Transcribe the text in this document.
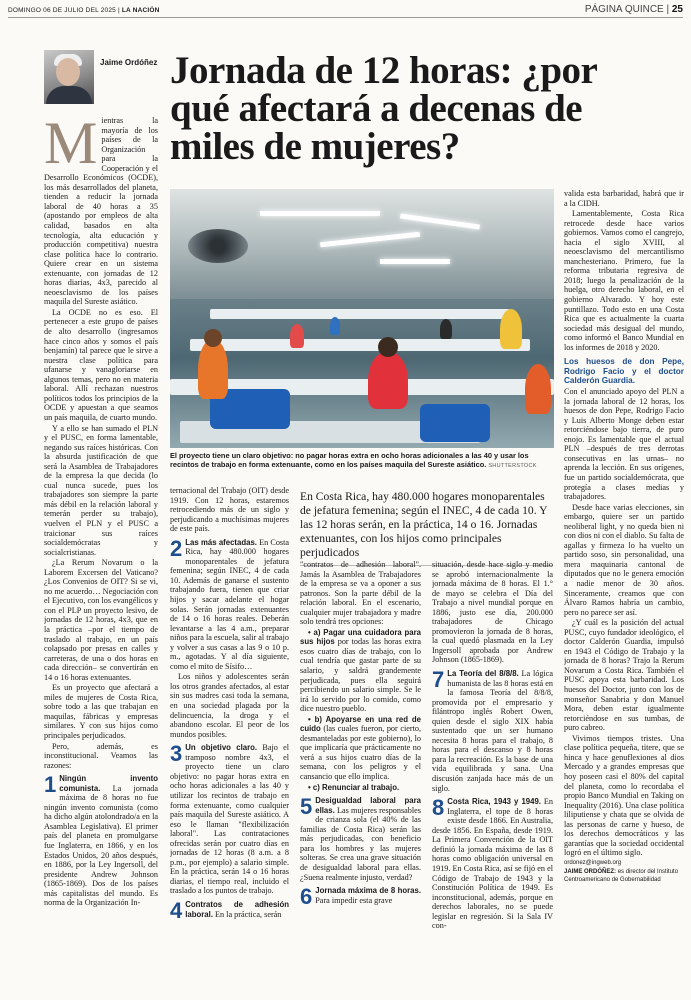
DOMINGO 06 DE JULIO DEL 2025 | LA NACIÓN	PÁGINA QUINCE | 25
Jaime Ordóñez Jornada de 12 horas: ¿por qué afectará a decenas de miles de mujeres?

Mientras la mayoría de los países de la Organización para la Cooperación y el Desarrollo Económicos (OCDE), los más desarrollados del planeta, tienden a reducir la jornada laboral de 40 horas a 35 (apostando por empleos de alta calidad, basados en alta tecnología, alta educación y producción competitiva) nuestra clase política hace lo contrario. Quiere crear en un sistema extenuante, con jornadas de 12 horas diarias, 4x3, parecido al neoesclavismo de los países maquila del Sureste asiático.

La OCDE no es eso. El pertenecer a este grupo de países de alto desarrollo (ingresamos hace cinco años y somos el país benjamín) tal parece que le sirve a nuestra clase política para ufanarse y vanagloriarse en algunos temas, pero no en materia laboral. Allí rechazan nuestros políticos todos los principios de la OCDE y apuestan a que seamos un país maquila, de cuarto mundo.

Y a ello se han sumado el PLN y el PUSC, en forma lamentable, negando sus raíces históricas. Con la absurda justificación de que será la Asamblea de Trabajadores de la empresa la que decida (lo cual nunca sucede, pues los trabajadores son siempre la parte más débil en la relación laboral y temerán perder su trabajo), vuelven el PLN y el PUSC a traicionar sus raíces socialdemócratas y socialcristianas.

¿La Rerum Novarum o la Laborem Excersen del Vaticano? ¿Los Convenios de OIT? Si se vi, no me acuerdo… Negociación con el Ejecutivo, con los evangélicos y con el PLP un proyecto lesivo, de jornadas de 12 horas, 4x3, que en la práctica –por el tiempo de traslado al trabajo, en un país colapsado por presas en calles y carreteras, de una o dos horas en cada dirección– se convertirán en 14 o 16 horas extenuantes.

Es un proyecto que afectará a miles de mujeres de Costa Rica, sobre todo a las que trabajan en maquilas, fábricas y empresas similares. Y con sus hijos como principales perjudicados.

Pero, además, es inconstitucional. Veamos las razones:

1 Ningún invento comunista. La jornada máxima de 8 horas no fue ningún invento comunista (como ha dicho algún atolondrado/a en la Asamblea Legislativa). El primer país del planeta en promulgarse fue Inglaterra, en 1866, y en los Estados Unidos, 20 años después, en 1886, por la Ley Ingersoll, del presidente Andrew Johnson (1865-1869). Dos de los países más capitalistas del mundo. Es norma de la Organización In-

El proyecto tiene un claro objetivo: no pagar horas extra en ocho horas adicionales a las 40 y usar los recintos de trabajo en forma extenuante, como en los países maquila del Sureste asiático. SHUTTERSTOCK
En Costa Rica, hay 480.000 hogares monoparentales de jefatura femenina; según el INEC, 4 de cada 10. Y las 12 horas serán, en la práctica, 14 o 16. Jornadas extenuantes, con los hijos como principales perjudicados

ternacional del Trabajo (OIT) desde 1919. Con 12 horas, estaremos retrocediendo más de un siglo y perjudicando a muchísimas mujeres de este país.

2 Las más afectadas. En Costa Rica, hay 480.000 hogares monoparentales de jefatura femenina; según INEC, 4 de cada 10. Además de ganarse el sustento trabajando fuera, tienen que criar hijos y sacar adelante el hogar solas. Serán jornadas extenuantes de 14 o 16 horas reales. Deberán levantarse a las 4 a.m., preparar niños para la escuela, salir al trabajo y volver a sus casas a las 9 o 10 p. m., agotadas. Y al día siguiente, como el mito de Sísifo…

Los niños y adolescentes serán los otros grandes afectados, al estar sin sus madres casi toda la semana, en una sociedad plagada por la delincuencia, la droga y el abandono escolar. El peor de los mundos posibles.

3 Un objetivo claro. Bajo el tramposo nombre 4x3, el proyecto tiene un claro objetivo: no pagar horas extra en ocho horas adicionales a las 40 y utilizar los recintos de trabajo en forma extenuante, como cualquier país maquila del Sureste asiático. A eso le llaman "flexibilización laboral". Las contrataciones ofrecidas serán por cuatro días en jornadas de 12 horas (8 a.m. a 8 p.m., por ejemplo) a salario simple. En la práctica, serán 14 o 16 horas diarias, el tiempo real, incluido el traslado a los puntos de trabajo.

4 Contratos de adhesión laboral. En la práctica, serán

"contratos de adhesión laboral". Jamás la Asamblea de Trabajadores de la empresa se va a oponer a sus patronos. Son la parte débil de la relación laboral. En el escenario, cualquier mujer trabajadora y madre solo tendrá tres opciones:

• a) Pagar una cuidadora para sus hijos por todas las horas extra esos cuatro días de trabajo, con lo cual tendría que gastar parte de su salario, y saldrá grandemente perjudicada, pues ella seguirá percibiendo un salario simple. Se le irá lo servido por lo comido, como dice nuestro pueblo.

• b) Apoyarse en una red de cuido (las cuales fueron, por cierto, desmanteladas por este gobierno), lo que implicaría que prácticamente no verá a sus hijos cuatro días de la semana, con los peligros y el cansancio que ello implica.

• c) Renunciar al trabajo.

5 Desigualdad laboral para ellas. Las mujeres responsables de crianza sola (el 40% de las familias de Costa Rica) serán las más perjudicadas, con beneficio para los hombres y las mujeres solteras. Se crea una grave situación de desigualdad laboral para ellas. ¿Suena realmente injusto, verdad?

6 Jornada máxima de 8 horas. Para impedir esta grave

situación, desde hace siglo y medio se aprobó internacionalmente la jornada máxima de 8 horas. El 1.° de mayo se celebra el Día del Trabajo a nivel mundial porque en 1886, justo ese día, 200.000 trabajadores de Chicago promovieron la jornada de 8 horas, la cual quedó plasmada en la Ley Ingersoll aprobada por Andrew Johnson (1865-1869).

7 La Teoría del 8/8/8. La lógica humanista de las 8 horas está en la famosa Teoría del 8/8/8, promovida por el empresario y filántropo inglés Robert Owen, quien desde el siglo XIX había sustentado que un ser humano necesita 8 horas para el trabajo, 8 horas para el descanso y 8 horas para la recreación. Es la base de una vida equilibrada y sana. Una discusión zanjada hace más de un siglo.

8 Costa Rica, 1943 y 1949. En Inglaterra, el tope de 8 horas existe desde 1866. En Australia, desde 1856. En España, desde 1919. La Primera Convención de la OIT definió la jornada máxima de las 8 horas como obligación universal en 1919. En Costa Rica, así se fijó en el Código de Trabajo de 1943 y la Constitución Política de 1949. Es inconstitucional, además, porque en derechos laborales, no se puede legislar en regresión. Si la Sala IV con-

valida esta barbaridad, habrá que ir a la CIDH.

Lamentablemente, Costa Rica retrocede desde hace varios gobiernos. Vamos como el cangrejo, hacia el siglo XVIII, al neoesclavismo del mercantilismo manchesteriano. Primero, fue la reforma tributaria regresiva de 2018; luego la penalización de la huelga, otro derecho laboral, en el gobierno Alvarado. Y hoy este puntillazo. Todo esto en una Costa Rica que es actualmente la cuarta sociedad más desigual del mundo, como informó el Banco Mundial en los informes de 2018 y 2020.

Los huesos de don Pepe, Rodrigo Facio y el doctor Calderón Guardia.

Con el anunciado apoyo del PLN a la jornada laboral de 12 horas, los huesos de don Pepe, Rodrigo Facio y Luis Alberto Monge deben estar retorciéndose bajo tierra, de puro enojo. Es lamentable que el actual PLN –después de tres derrotas consecutivas en las urnas– no aprenda la lección. En sus orígenes, fue un partido socialdemócrata, que protegía a clases medias y trabajadores.

Desde hace varias elecciones, sin embargo, quiere ser un partido neoliberal light, y no queda bien ni con dios ni con el diablo. Su falta de agallas y firmeza lo ha vuelto un partido soso, sin personalidad, una mera maquinaria cantonal de diputados que no le genera emoción a nadie menor de 30 años. Sinceramente, creamos que con Álvaro Ramos habría un cambio, pero no parece ser así.

¿Y cuál es la posición del actual PUSC, cuyo fundador ideológico, el doctor Calderón Guardia, impulsó en 1943 el Código de Trabajo y la jornada de 8 horas? Trajo la Rerum Novarum a Costa Rica. También el PUSC apoya esta barbaridad. Los huesos del Doctor, junto con los de monseñor Sanabria y don Manuel Mora, deben estar igualmente retorciéndose en sus tumbas, de puro cabreo.

Vivimos tiempos tristes. Una clase política pequeña, titere, que se hinca y hace genuflexiones al dios Mercado y a grandes empresas que hoy poseen casi el 80% del capital del planeta, como lo recordaba el propio Banco Mundial en Taking on Inequality (2016). Una clase política liliputiense y chata que se olvida de las personas de carne y hueso, de los derechos democráticos y las garantías que la sociedad occidental logró en el último siglo.

ordonez@ingweb.org
JAIME ORDÓÑEZ: es director del Instituto Centroamericano de Gobernabilidad
